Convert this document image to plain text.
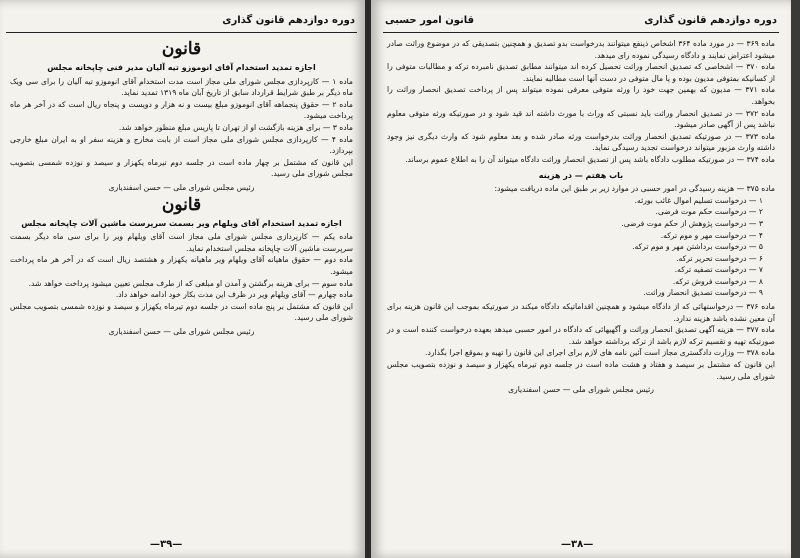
دوره دوازدهم قانون گذاری
قانون
اجازه تمدید استخدام آقای انوموزو تیه آلیان مدیر فنی چاپخانه مجلس

ماده ۱ — کارپردازی مجلس شورای ملی مجاز است مدت استخدام آقای انوموزو تیه آلیان را برای سی ویک ماه دیگر بر طبق شرایط قرارداد سابق از تاریخ آبان ماه ۱۳۱۹ تمدید نماید.

ماده ۲ — حقوق پنجماهه آقای انوموزو مبلغ بیست و نه هزار و دویست و پنجاه ریال است که در آخر هر ماه پرداخت میشود.

ماده ۳ — برای هزینه بازگشت او از تهران تا پاریس مبلغ منظور خواهد شد.

ماده ۴ — کارپردازی مجلس شورای ملی مجاز است از بابت مخارج و هزینه سفر او به ایران مبلغ خارجی بپردازد.

این قانون که مشتمل بر چهار ماده است در جلسه دوم تیرماه یکهزار و سیصد و نوزده شمسی بتصویب مجلس شورای ملی رسید.

رئیس مجلس شورای ملی — حسن اسفندیاری
قانون
اجازه تمدید استخدام آقای ویلهام ویر بسمت سرپرست ماشین آلات چاپخانه مجلس

ماده یکم — کارپردازی مجلس شورای ملی مجاز است آقای ویلهام ویر را برای سی ماه دیگر بسمت سرپرست ماشین آلات چاپخانه مجلس استخدام نماید.

ماده دوم — حقوق ماهیانه آقای ویلهام ویر ماهیانه یکهزار و هشتصد ریال است که در آخر هر ماه پرداخت میشود.

ماده سوم — برای هزینه برگشتن و آمدن او مبلغی که از طرف مجلس تعیین میشود پرداخت خواهد شد.

ماده چهارم — آقای ویلهام ویر در ظرف این مدت بکار خود ادامه خواهد داد.

این قانون که مشتمل بر پنج ماده است در جلسه دوم تیرماه یکهزار و سیصد و نوزده شمسی بتصویب مجلس شورای ملی رسید.

رئیس مجلس شورای ملی — حسن اسفندیاری
—۳۹—
دوره دوازدهم قانون گذاری
قانون امور حسبی

ماده ۳۶۹ — در مورد ماده ۳۶۴ اشخاص ذینفع میتوانند بدرخواست بدو تصدیق و همچنین بتصدیقی که در موضوع وراثت صادر میشود اعتراض نمایند و دادگاه رسیدگی نموده رای میدهد.

ماده ۳۷۰ — اشخاصی که تصدیق انحصار وراثت تحصیل کرده اند میتوانند مطابق تصدیق نامبرده ترکه و مطالبات متوفی را از کسانیکه بمتوفی مدیون بوده و یا مال متوفی در دست آنها است مطالبه نمایند.

ماده ۳۷۱ — مدیون که بهمین جهت خود را ورثه متوفی معرفی نموده میتواند پس از پرداخت تصدیق انحصار وراثت را بخواهد.

ماده ۳۷۲ — در تصدیق انحصار وراثت باید نسبتی که وراث با مورث داشته اند قید شود و در صورتیکه ورثه متوفی معلوم نباشد پس از آگهی صادر میشود.

ماده ۳۷۳ — در صورتیکه تصدیق انحصار وراثت بدرخواست ورثه صادر شده و بعد معلوم شود که وارث دیگری نیز وجود داشته وارث مزبور میتواند درخواست تجدید رسیدگی نماید.

ماده ۳۷۴ — در صورتیکه مطلوب دادگاه باشد پس از تصدیق انحصار وراثت دادگاه میتواند آن را به اطلاع عموم برساند.

باب هفتم — در هزینه

ماده ۳۷۵ — هزینه رسیدگی در امور حسبی در موارد زیر بر طبق این ماده دریافت میشود:

۱ — درخواست تسلیم اموال غائب بورثه.
۲ — درخواست حکم موت فرضی.
۳ — درخواست پژوهش از حکم موت فرضی.
۴ — درخواست مهر و موم ترکه.
۵ — درخواست برداشتن مهر و موم ترکه.
۶ — درخواست تحریر ترکه.
۷ — درخواست تصفیه ترکه.
۸ — درخواست فروش ترکه.
۹ — درخواست تصدیق انحصار وراثت.

ماده ۳۷۶ — درخواستهائی که از دادگاه میشود و همچنین اقداماتیکه دادگاه میکند در صورتیکه بموجب این قانون هزینه برای آن معین نشده باشد هزینه ندارد.

ماده ۳۷۷ — هزینه آگهی تصدیق انحصار وراثت و آگهیهائی که دادگاه در امور حسبی میدهد بعهده درخواست کننده است و در صورتیکه تهیه و تقسیم ترکه لازم باشد از ترکه برداشته خواهد شد.

ماده ۳۷۸ — وزارت دادگستری مجاز است آئین نامه های لازم برای اجرای این قانون را تهیه و بموقع اجرا بگذارد.

این قانون که مشتمل بر سیصد و هفتاد و هشت ماده است در جلسه دوم تیرماه یکهزار و سیصد و نوزده بتصویب مجلس شورای ملی رسید.

رئیس مجلس شورای ملی — حسن اسفندیاری
—۳۸—
